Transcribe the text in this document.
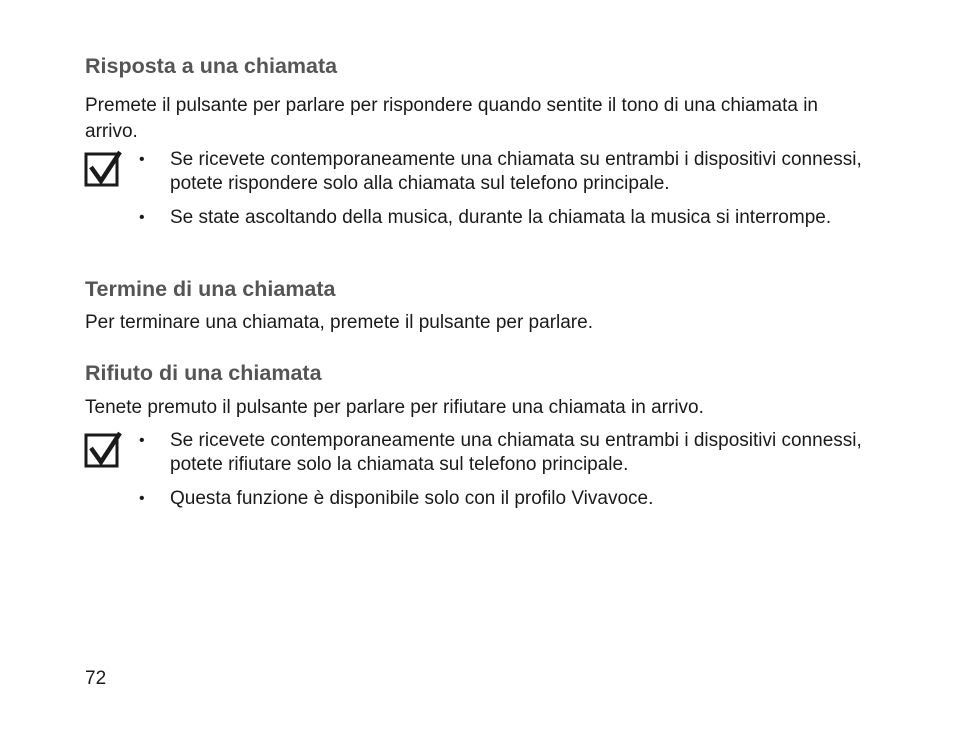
Risposta a una chiamata
Premete il pulsante per parlare per rispondere quando sentite il tono di una chiamata in arrivo.
• Se ricevete contemporaneamente una chiamata su entrambi i dispositivi connessi, potete rispondere solo alla chiamata sul telefono principale.
• Se state ascoltando della musica, durante la chiamata la musica si interrompe.
Termine di una chiamata
Per terminare una chiamata, premete il pulsante per parlare.
Rifiuto di una chiamata
Tenete premuto il pulsante per parlare per rifiutare una chiamata in arrivo.
• Se ricevete contemporaneamente una chiamata su entrambi i dispositivi connessi, potete rifiutare solo la chiamata sul telefono principale.
• Questa funzione è disponibile solo con il profilo Vivavoce.
72
